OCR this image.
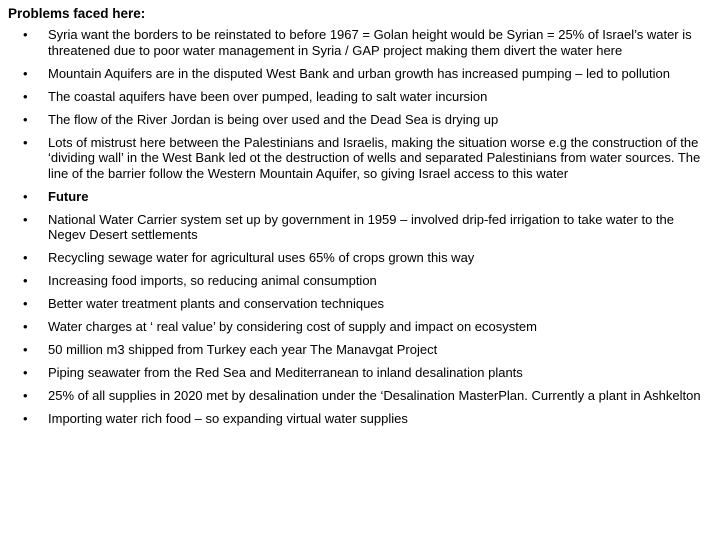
Problems faced here:
• Syria want the borders to be reinstated to before 1967 = Golan height would be Syrian = 25% of Israel’s water is threatened due to poor water management in Syria / GAP project making them divert the water here
• Mountain Aquifers are in the disputed West Bank and urban growth has increased pumping – led to pollution
• The coastal aquifers have been over pumped, leading to salt water incursion
• The flow of the River Jordan is being over used and the Dead Sea is drying up
• Lots of mistrust here between the Palestinians and Israelis, making the situation worse e.g the construction of the ‘dividing wall’ in the West Bank led ot the destruction of wells and separated Palestinians from water sources. The line of the barrier follow the Western Mountain Aquifer, so giving Israel access to this water
• Future
• National Water Carrier system set up by government in 1959 – involved drip-fed irrigation to take water to the Negev Desert settlements
• Recycling sewage water for agricultural uses 65% of crops grown this way
• Increasing food imports, so reducing animal consumption
• Better water treatment plants and conservation techniques
• Water charges at ‘ real value’ by considering cost of supply and impact on ecosystem
• 50 million m3 shipped from Turkey each year The Manavgat Project
• Piping seawater from the Red Sea and Mediterranean to inland desalination plants
• 25% of all supplies in 2020 met by desalination under the ‘Desalination MasterPlan. Currently a plant in Ashkelton
• Importing water rich food – so expanding virtual water supplies
